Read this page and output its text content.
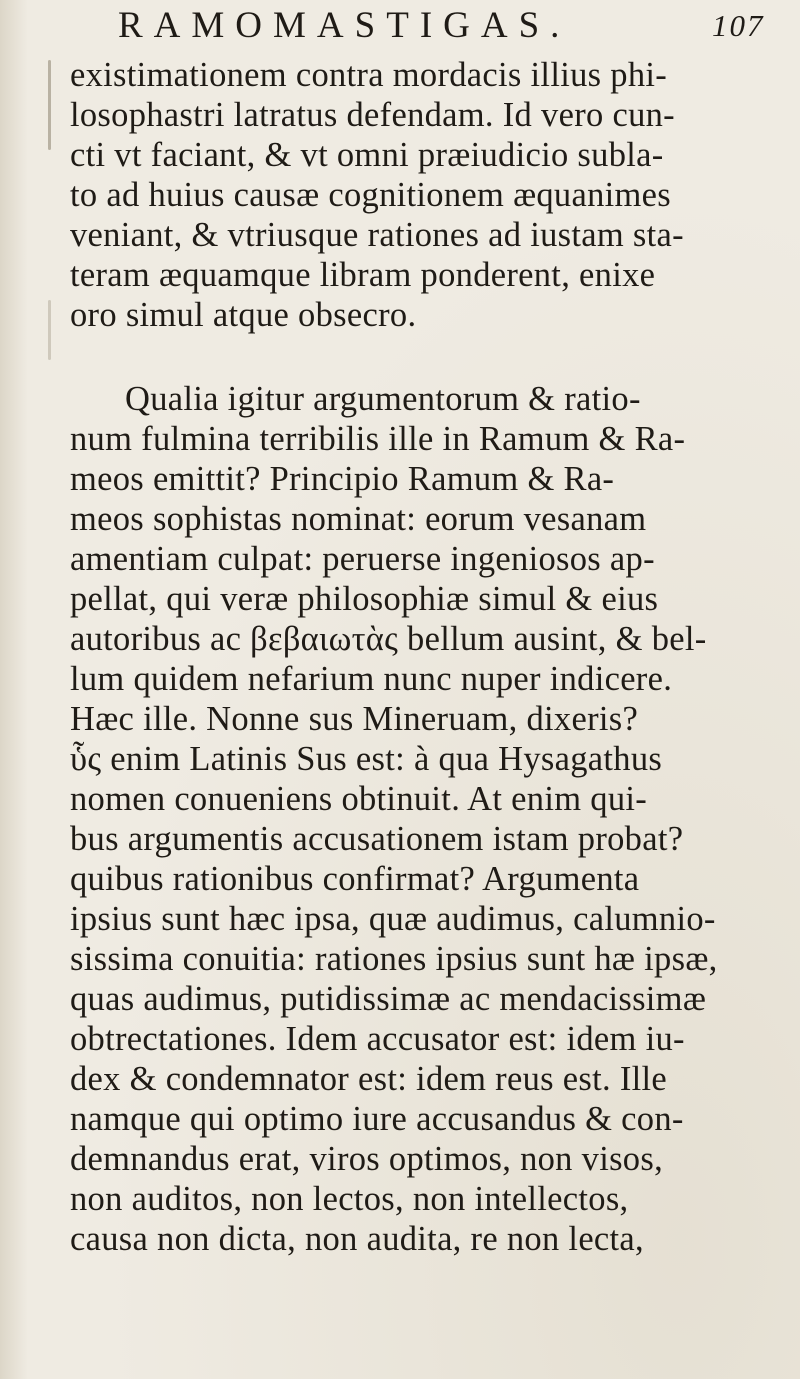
RAMOMASTIGAS.	107
existimationem contra mordacis illius phi-
losophastri latratus defendam. Id vero cun-
cti vt faciant, & vt omni præiudicio subla-
to ad huius causæ cognitionem æquanimes
veniant, & vtriusque rationes ad iustam sta-
teram æquamque libram ponderent, enixe
oro simul atque obsecro.
Qualia igitur argumentorum & ratio-
num fulmina terribilis ille in Ramum & Ra-
meos emittit? Principio Ramum & Ra-
meos sophistas nominat: eorum vesanam
amentiam culpat: peruerse ingeniosos ap-
pellat, qui veræ philosophiæ simul & eius
autoribus ac βεβαιωτὰς bellum ausint, & bel-
lum quidem nefarium nunc nuper indicere.
Hæc ille. Nonne sus Mineruam, dixeris?
ὗς enim Latinis Sus est: à qua Hysagathus
nomen conueniens obtinuit. At enim qui-
bus argumentis accusationem istam probat?
quibus rationibus confirmat? Argumenta
ipsius sunt hæc ipsa, quæ audimus, calumnio-
sissima conuitia: rationes ipsius sunt hæ ipsæ,
quas audimus, putidissimæ ac mendacissimæ
obtrectationes. Idem accusator est: idem iu-
dex & condemnator est: idem reus est. Ille
namque qui optimo iure accusandus & con-
demnandus erat, viros optimos, non visos,
non auditos, non lectos, non intellectos,
causa non dicta, non audita, re non lecta,
